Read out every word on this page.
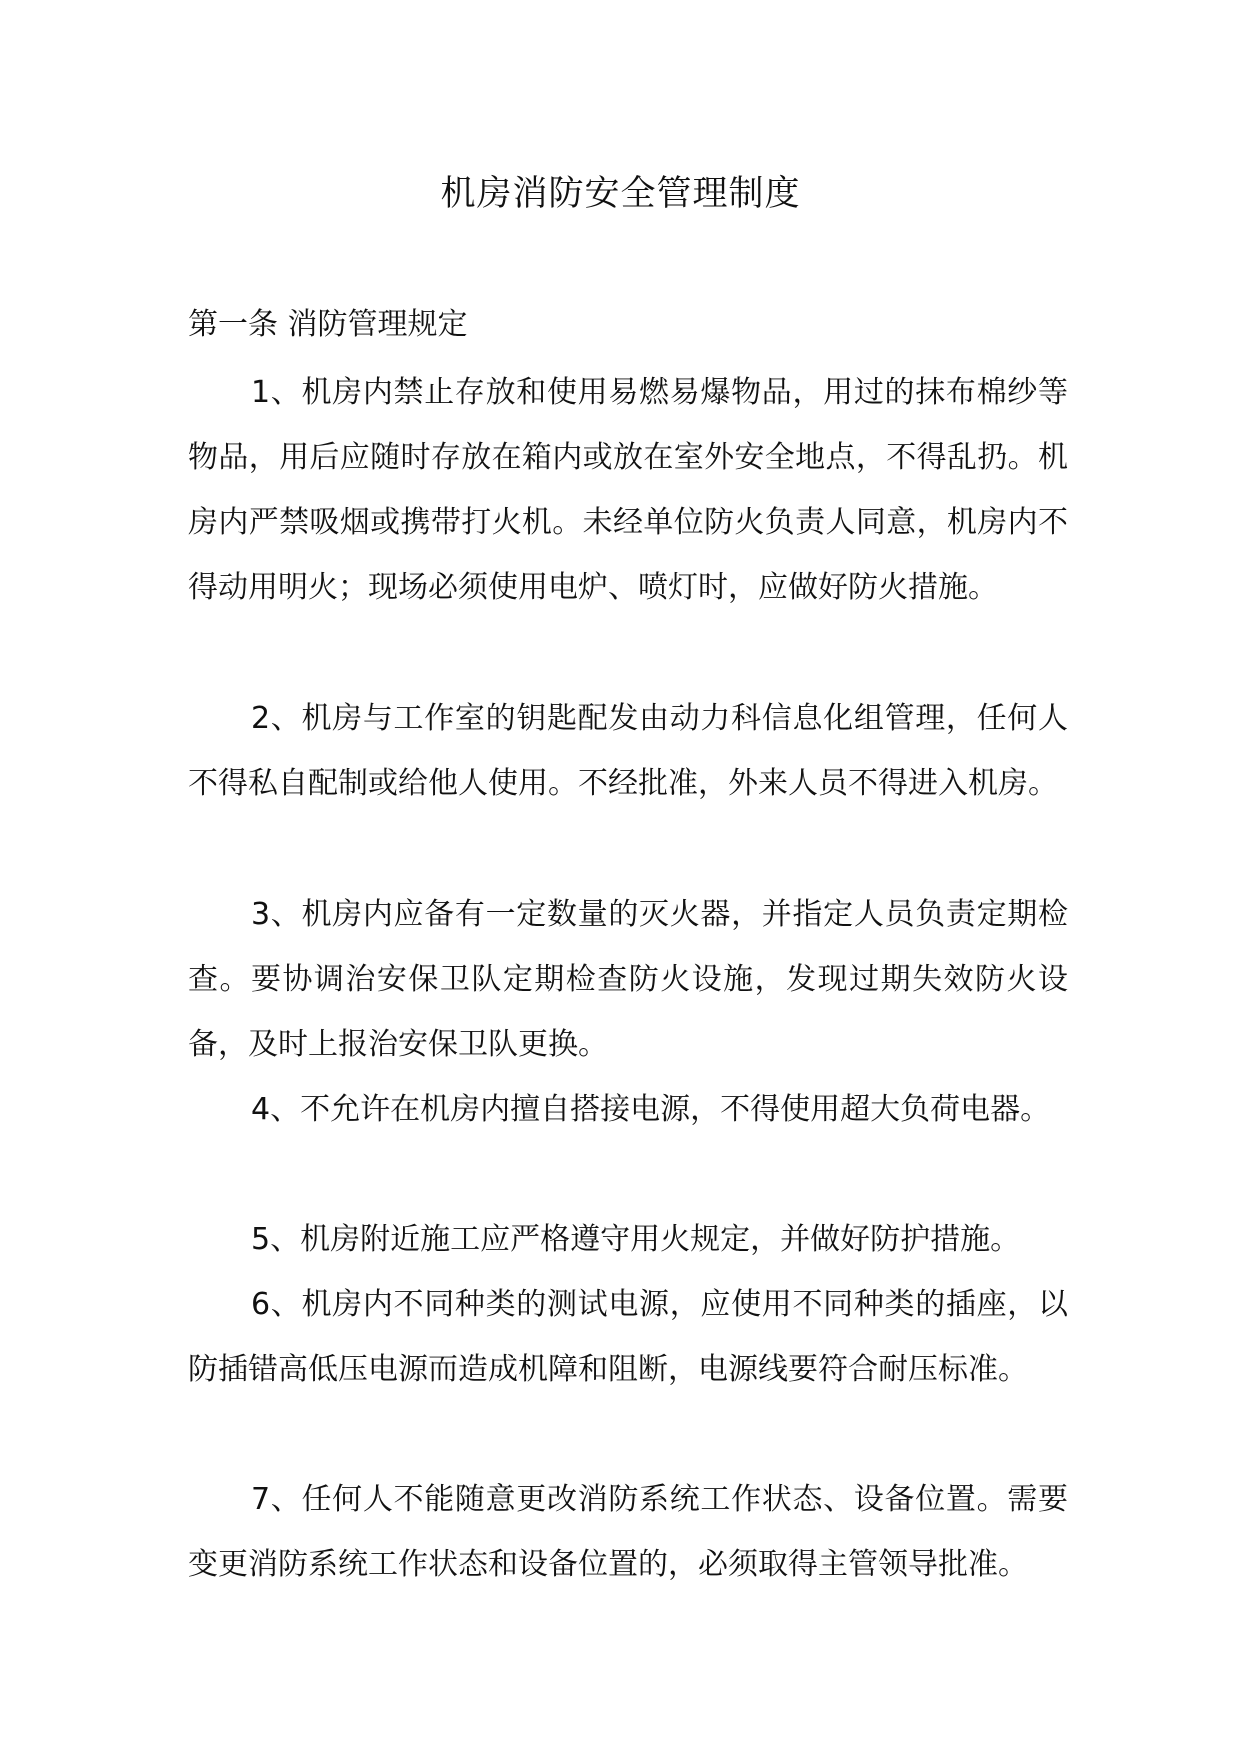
机房消防安全管理制度
第一条 消防管理规定

1、机房内禁止存放和使用易燃易爆物品，用过的抹布棉纱等物品，用后应随时存放在箱内或放在室外安全地点，不得乱扔。机房内严禁吸烟或携带打火机。未经单位防火负责人同意，机房内不得动用明火；现场必须使用电炉、喷灯时，应做好防火措施。

2、机房与工作室的钥匙配发由动力科信息化组管理，任何人不得私自配制或给他人使用。不经批准，外来人员不得进入机房。

3、机房内应备有一定数量的灭火器，并指定人员负责定期检查。要协调治安保卫队定期检查防火设施，发现过期失效防火设备，及时上报治安保卫队更换。

4、不允许在机房内擅自搭接电源，不得使用超大负荷电器。

5、机房附近施工应严格遵守用火规定，并做好防护措施。

6、机房内不同种类的测试电源，应使用不同种类的插座，以防插错高低压电源而造成机障和阻断，电源线要符合耐压标准。

7、任何人不能随意更改消防系统工作状态、设备位置。需要变更消防系统工作状态和设备位置的，必须取得主管领导批准。
